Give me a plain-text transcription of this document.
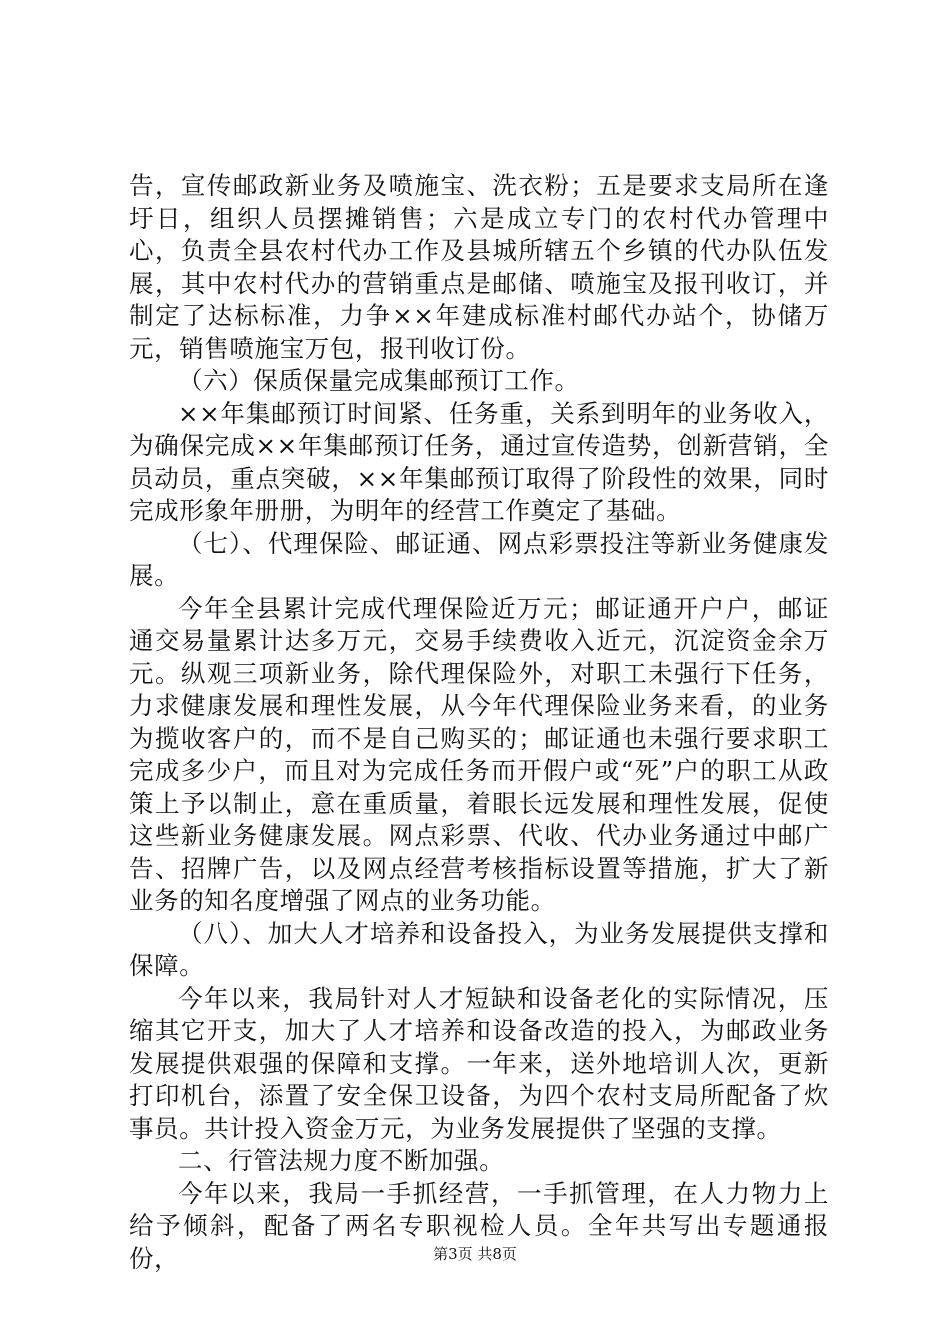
告，宣传邮政新业务及喷施宝、洗衣粉；五是要求支局所在逢圩日，组织人员摆摊销售；六是成立专门的农村代办管理中心，负责全县农村代办工作及县城所辖五个乡镇的代办队伍发展，其中农村代办的营销重点是邮储、喷施宝及报刊收订，并制定了达标标准，力争××年建成标准村邮代办站个，协储万元，销售喷施宝万包，报刊收订份。

（六）保质保量完成集邮预订工作。

××年集邮预订时间紧、任务重，关系到明年的业务收入，为确保完成××年集邮预订任务，通过宣传造势，创新营销，全员动员，重点突破，××年集邮预订取得了阶段性的效果，同时完成形象年册册，为明年的经营工作奠定了基础。

（七）、代理保险、邮证通、网点彩票投注等新业务健康发展。

今年全县累计完成代理保险近万元；邮证通开户户，邮证通交易量累计达多万元，交易手续费收入近元，沉淀资金余万元。纵观三项新业务，除代理保险外，对职工未强行下任务，力求健康发展和理性发展，从今年代理保险业务来看，的业务为揽收客户的，而不是自己购买的；邮证通也未强行要求职工完成多少户，而且对为完成任务而开假户或“死”户的职工从政策上予以制止，意在重质量，着眼长远发展和理性发展，促使这些新业务健康发展。网点彩票、代收、代办业务通过中邮广告、招牌广告，以及网点经营考核指标设置等措施，扩大了新业务的知名度增强了网点的业务功能。

（八）、加大人才培养和设备投入，为业务发展提供支撑和保障。

今年以来，我局针对人才短缺和设备老化的实际情况，压缩其它开支，加大了人才培养和设备改造的投入，为邮政业务发展提供艰强的保障和支撑。一年来，送外地培训人次，更新打印机台，添置了安全保卫设备，为四个农村支局所配备了炊事员。共计投入资金万元，为业务发展提供了坚强的支撑。

二、行管法规力度不断加强。

今年以来，我局一手抓经营，一手抓管理，在人力物力上给予倾斜，配备了两名专职视检人员。全年共写出专题通报份，	第3页 共8页
